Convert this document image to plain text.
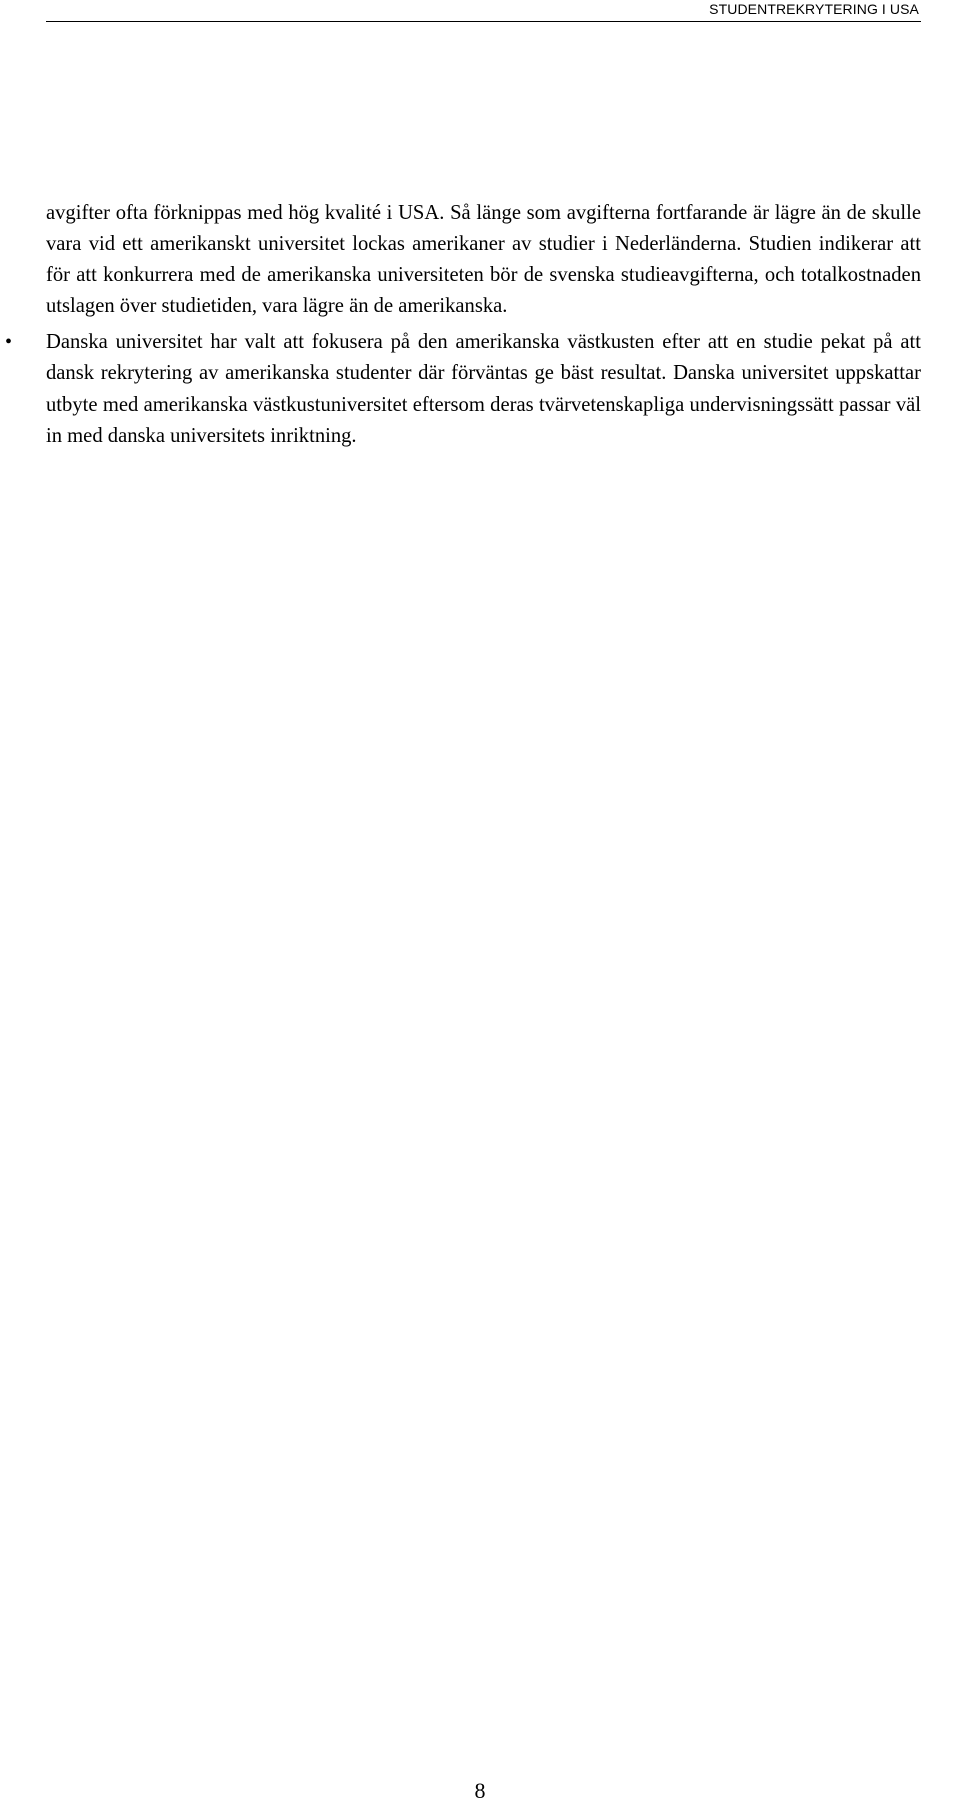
STUDENTREKRYTERING I USA

avgifter ofta förknippas med hög kvalité i USA. Så länge som avgifterna fortfarande är lägre än de skulle vara vid ett amerikanskt universitet lockas amerikaner av studier i Nederländerna. Studien indikerar att för att konkurrera med de amerikanska universiteten bör de svenska studieavgifterna, och totalkostnaden utslagen över studietiden, vara lägre än de amerikanska.

•	Danska universitet har valt att fokusera på den amerikanska västkusten efter att en studie pekat på att dansk rekrytering av amerikanska studenter där förväntas ge bäst resultat. Danska universitet uppskattar utbyte med amerikanska västkustuniversitet eftersom deras tvärvetenskapliga undervisningssätt passar väl in med danska universitets inriktning.
8
